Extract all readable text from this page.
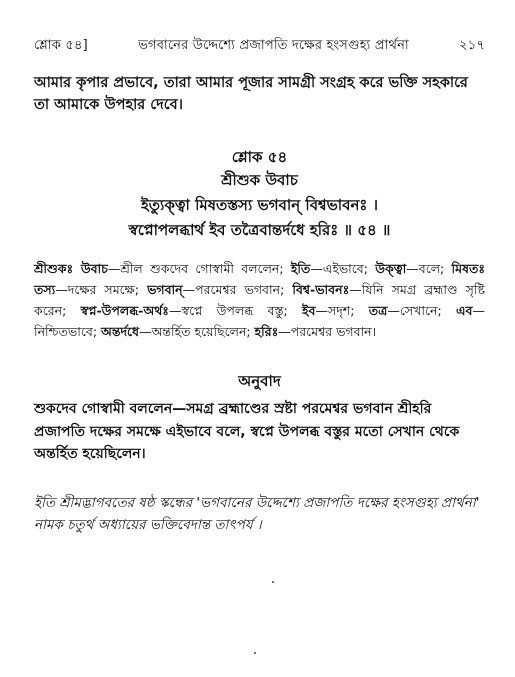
শ্লোক ৫৪]	ভগবানের উদ্দেশ্যে প্রজাপতি দক্ষের হংসগুহ্য প্রার্থনা	২১৭
আমার কৃপার প্রভাবে, তারা আমার পূজার সামগ্রী সংগ্রহ করে ভক্তি সহকারে তা আমাকে উপহার দেবে।
শ্লোক ৫৪
শ্রীশুক উবাচ
ইত্যুক্ত্বা মিষতস্তস্য ভগবান্ বিশ্বভাবনঃ ।
স্বপ্নোপলব্ধার্থ ইব তত্রৈবান্তর্দধে হরিঃ ॥ ৫৪ ॥
শ্রীশুকঃ উবাচ—শ্রীল শুকদেব গোস্বামী বললেন; ইতি—এইভাবে; উক্ত্বা—বলে; মিষতঃ তস্য—দক্ষের সমক্ষে; ভগবান্—পরমেশ্বর ভগবান; বিশ্ব-ভাবনঃ—যিনি সমগ্র ব্রহ্মাণ্ড সৃষ্টি করেন; স্বপ্ন-উপলব্ধ-অর্থঃ—স্বপ্নে উপলব্ধ বস্তু; ইব—সদৃশ; তত্র—সেখানে; এব—নিশ্চিতভাবে; অন্তর্দধে—অন্তর্হিত হয়েছিলেন; হরিঃ—পরমেশ্বর ভগবান।
অনুবাদ
শুকদেব গোস্বামী বললেন—সমগ্র ব্রহ্মাণ্ডের স্রষ্টা পরমেশ্বর ভগবান শ্রীহরি প্রজাপতি দক্ষের সমক্ষে এইভাবে বলে, স্বপ্নে উপলব্ধ বস্তুর মতো সেখান থেকে অন্তর্হিত হয়েছিলেন।
ইতি শ্রীমদ্ভাগবতের ষষ্ঠ স্কন্ধের 'ভগবানের উদ্দেশ্যে প্রজাপতি দক্ষের হংসগুহ্য প্রার্থনা' নামক চতুর্থ অধ্যায়ের ভক্তিবেদান্ত তাৎপর্য ।
